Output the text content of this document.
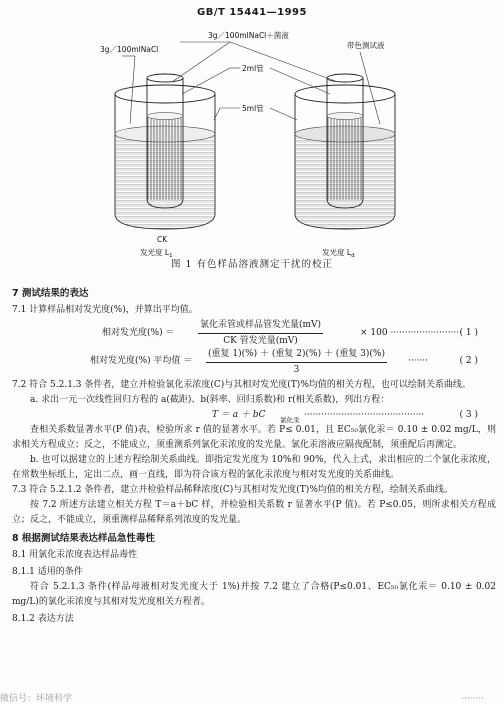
GB/T 15441—1995
3g／100mlNaCl＋菌液
3g／100mlNaCl	带色测试液
2ml管
5ml管
CK
发光度 $L_1$	发光度 $L_d$
图 1 有色样品溶液测定干扰的校正
7 测试结果的表达
7.1 计算样品相对发光度(%)，并算出平均值。
相对发光度(%) ＝
氯化汞管或样品管发光量(mV)
CK 管发光量(mV)
× 100 ·························
( 1 )
相对发光度(%) 平均值 ＝
(重复 1)(%) ＋ (重复 2)(%) ＋ (重复 3)(%)
3
·······	( 2 )
7.2 符合 5.2.1.3 条件者，建立并检验氯化汞浓度(C)与其相对发光度(T)%均值的相关方程，也可以绘制关系曲线。
a. 求出一元一次线性回归方程的 a(截距)、b(斜率、回归系数)和 r(相关系数)，列出方程：
T ＝ a ＋ bC 氯化汞 ··········································	( 3 )
查相关系数显著水平(P 值)表，检验所求 r 值的显著水平。若 P≤ 0.01，且 EC₅₀氯化汞＝ 0.10 ± 0.02 mg/L，则求相关方程成立；反之，不能成立，须重测系列氯化汞浓度的发光量。氯化汞溶液应隔夜配制，须重配后再测定。
b. 也可以据建立的上述方程绘制关系曲线。即指定发光度为 10%和 90%，代入上式，求出相应的二个氯化汞浓度，在常数坐标纸上，定出二点，画一直线，即为符合该方程的氯化汞浓度与相对发光度的关系曲线。
7.3 符合 5.2.1.2 条件者，建立并检验样品稀释浓度(C)与其相对发光度(T)%均值的相关方程，绘制关系曲线。
按 7.2 所述方法建立相关方程 T＝a＋bC 样，并检验相关系数 r 显著水平(P 值)。若 P≤0.05，则所求相关方程成立；反之，不能成立，须重测样品稀释系列浓度的发光量。
8 根据测试结果表达样品急性毒性
8.1 用氯化汞浓度表达样品毒性
8.1.1 适用的条件
符合 5.2.1.3 条件(样品母液相对发光度大于 1%)并按 7.2 建立了合格(P≤0.01、EC₅₀氯化汞＝ 0.10 ± 0.02 mg/L)的氯化汞浓度与其相对发光度相关方程者。
8.1.2 表达方法
微信号：环境科学	········
